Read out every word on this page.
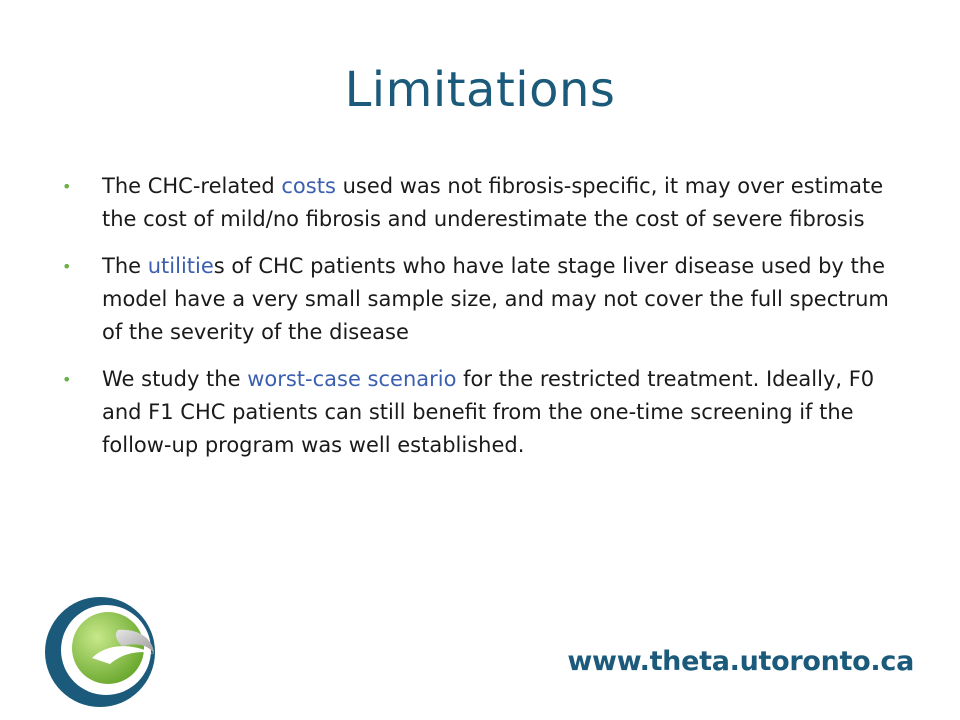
Limitations
• The CHC-related costs used was not fibrosis-specific, it may over estimate the cost of mild/no fibrosis and underestimate the cost of severe fibrosis
• The utilities of CHC patients who have late stage liver disease used by the model have a very small sample size, and may not cover the full spectrum of the severity of the disease
• We study the worst-case scenario for the restricted treatment. Ideally, F0 and F1 CHC patients can still benefit from the one-time screening if the follow-up program was well established.
www.theta.utoronto.ca
